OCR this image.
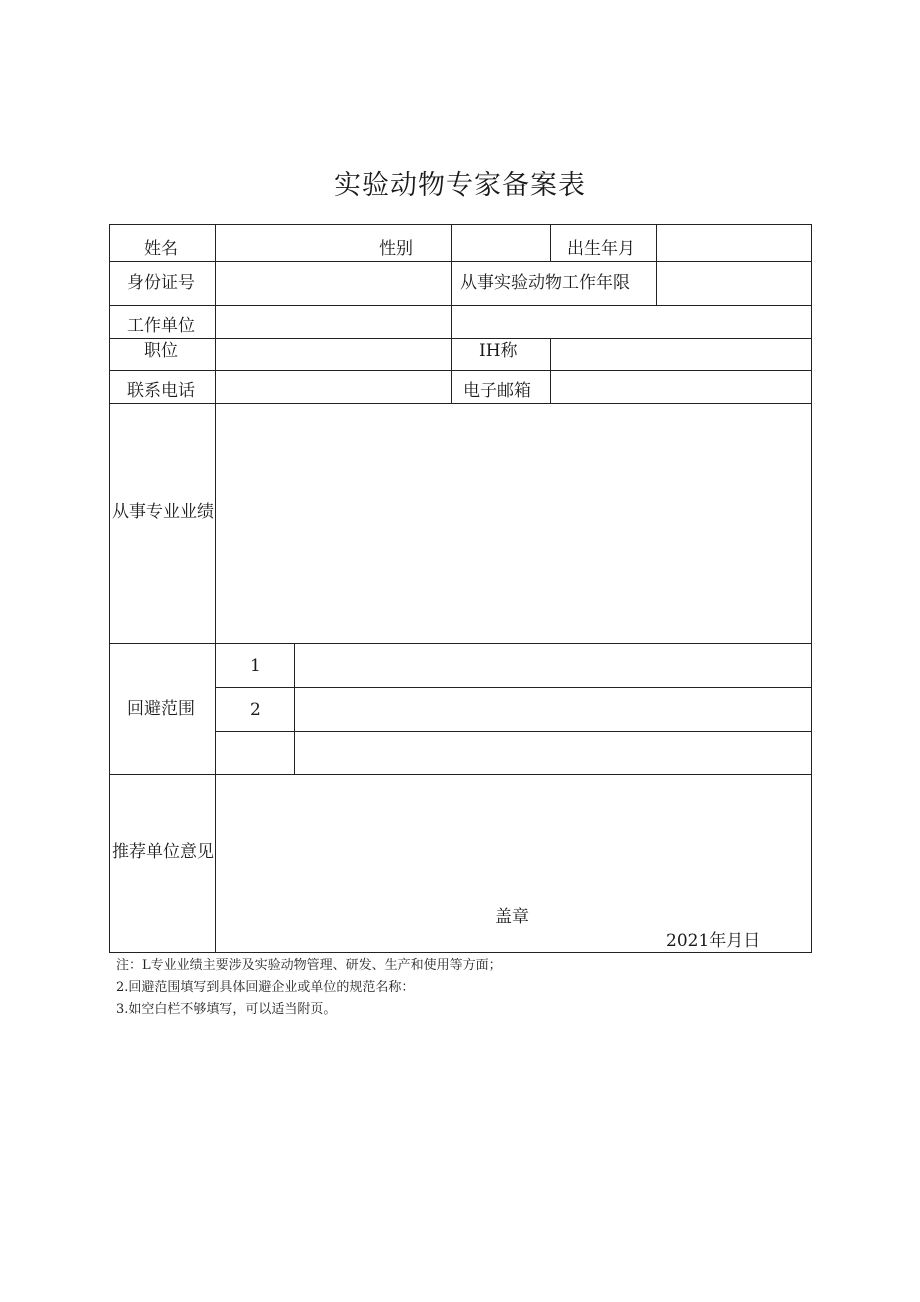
实验动物专家备案表
姓名	性别	出生年月
身份证号	从事实验动物工作年限
工作单位
职位	IH称
联系电话	电子邮箱
从事专业业绩
回避范围
1
2
推荐单位意见
盖章
2021年月日
注：L专业业绩主要涉及实验动物管理、研发、生产和使用等方面；
2.回避范围填写到具体回避企业或单位的规范名称：
3.如空白栏不够填写，可以适当附页。
